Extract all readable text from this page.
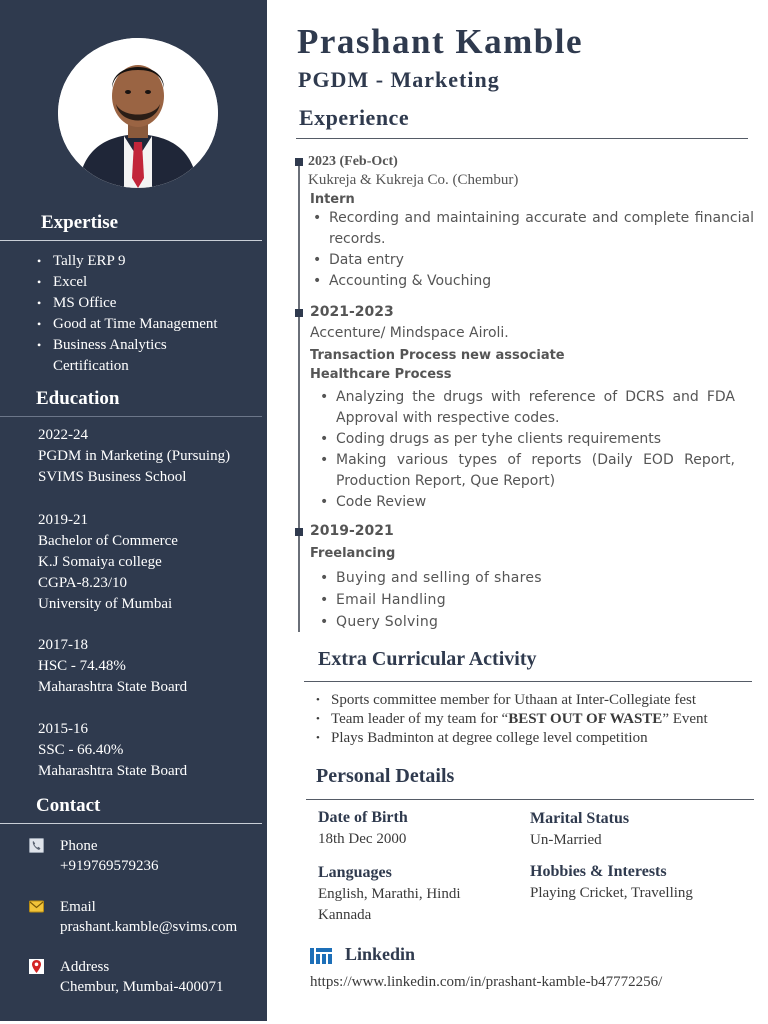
Expertise
• Tally ERP 9
• Excel
• MS Office
• Good at Time Management
• Business Analytics
Certification
Education
2022-24
PGDM in Marketing (Pursuing)
SVIMS Business School
2019-21
Bachelor of Commerce
K.J Somaiya college
CGPA-8.23/10
University of Mumbai
2017-18
HSC - 74.48%
Maharashtra State Board
2015-16
SSC - 66.40%
Maharashtra State Board
Contact
Phone
+919769579236
Email
prashant.kamble@svims.com
Address
Chembur, Mumbai-400071
Prashant Kamble
PGDM - Marketing
Experience
2023 (Feb-Oct)
Kukreja & Kukreja Co. (Chembur)
Intern
• Recording and maintaining accurate and complete financial records.
• Data entry
• Accounting & Vouching
2021-2023
Accenture/ Mindspace Airoli.
Transaction Process new associate
Healthcare Process
• Analyzing the drugs with reference of DCRS and FDA Approval with respective codes.
• Coding drugs as per tyhe clients requirements
• Making various types of reports (Daily EOD Report, Production Report, Que Report)
• Code Review
2019-2021
Freelancing
• Buying and selling of shares
• Email Handling
• Query Solving
Extra Curricular Activity
• Sports committee member for Uthaan at Inter-Collegiate fest
• Team leader of my team for “BEST OUT OF WASTE” Event
• Plays Badminton at degree college level competition
Personal Details
Date of Birth
18th Dec 2000
Marital Status
Un-Married
Languages
English, Marathi, Hindi
Kannada
Hobbies & Interests
Playing Cricket, Travelling
Linkedin
https://www.linkedin.com/in/prashant-kamble-b47772256/
